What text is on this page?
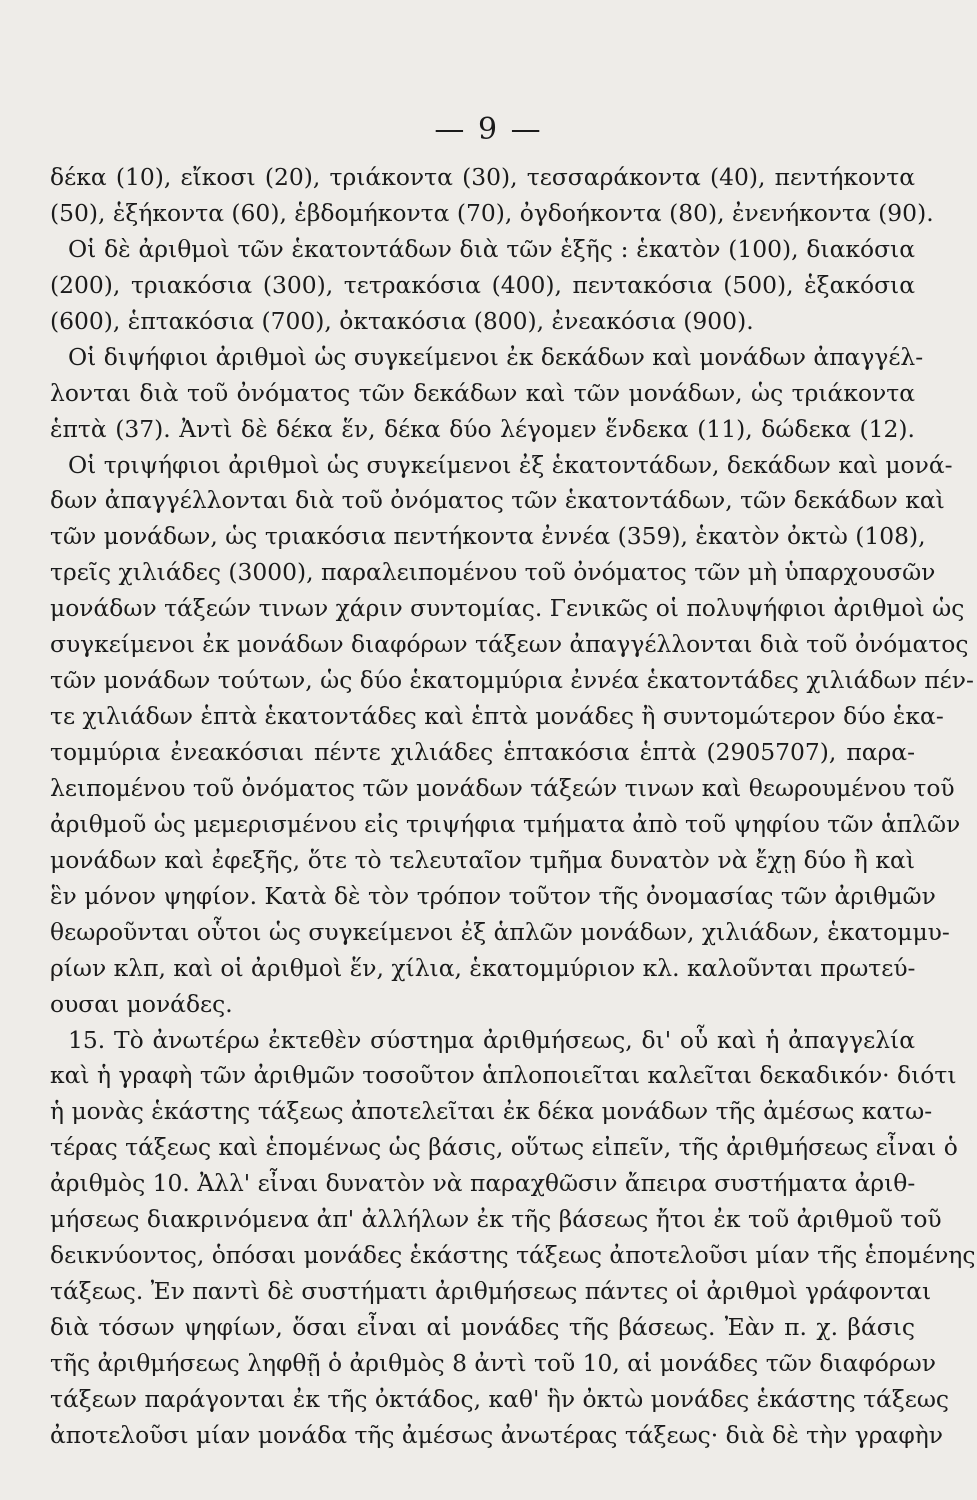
— 9 —
δέκα (10), εἴκοσι (20), τριάκοντα (30), τεσσαράκοντα (40), πεντήκοντα
(50), ἑξήκοντα (60), ἑβδομήκοντα (70), ὀγδοήκοντα (80), ἐνενήκοντα (90).
Οἱ δὲ ἀριθμοὶ τῶν ἑκατοντάδων διὰ τῶν ἑξῆς : ἑκατὸν (100), διακόσια
(200), τριακόσια (300), τετρακόσια (400), πεντακόσια (500), ἑξακόσια
(600), ἑπτακόσια (700), ὀκτακόσια (800), ἐνεακόσια (900).
Οἱ διψήφιοι ἀριθμοὶ ὡς συγκείμενοι ἐκ δεκάδων καὶ μονάδων ἀπαγγέλ-
λονται διὰ τοῦ ὀνόματος τῶν δεκάδων καὶ τῶν μονάδων, ὡς τριάκοντα
ἑπτὰ (37). Ἀντὶ δὲ δέκα ἕν, δέκα δύο λέγομεν ἕνδεκα (11), δώδεκα (12).
Οἱ τριψήφιοι ἀριθμοὶ ὡς συγκείμενοι ἐξ ἑκατοντάδων, δεκάδων καὶ μονά-
δων ἀπαγγέλλονται διὰ τοῦ ὀνόματος τῶν ἑκατοντάδων, τῶν δεκάδων καὶ
τῶν μονάδων, ὡς τριακόσια πεντήκοντα ἐννέα (359), ἑκατὸν ὀκτὼ (108),
τρεῖς χιλιάδες (3000), παραλειπομένου τοῦ ὀνόματος τῶν μὴ ὑπαρχουσῶν
μονάδων τάξεών τινων χάριν συντομίας. Γενικῶς οἱ πολυψήφιοι ἀριθμοὶ ὡς
συγκείμενοι ἐκ μονάδων διαφόρων τάξεων ἀπαγγέλλονται διὰ τοῦ ὀνόματος
τῶν μονάδων τούτων, ὡς δύο ἑκατομμύρια ἐννέα ἑκατοντάδες χιλιάδων πέν-
τε χιλιάδων ἑπτὰ ἑκατοντάδες καὶ ἑπτὰ μονάδες ἢ συντομώτερον δύο ἑκα-
τομμύρια ἐνεακόσιαι πέντε χιλιάδες ἑπτακόσια ἑπτὰ (2905707), παρα-
λειπομένου τοῦ ὀνόματος τῶν μονάδων τάξεών τινων καὶ θεωρουμένου τοῦ
ἀριθμοῦ ὡς μεμερισμένου εἰς τριψήφια τμήματα ἀπὸ τοῦ ψηφίου τῶν ἁπλῶν
μονάδων καὶ ἐφεξῆς, ὅτε τὸ τελευταῖον τμῆμα δυνατὸν νὰ ἔχῃ δύο ἢ καὶ
ἓν μόνον ψηφίον. Κατὰ δὲ τὸν τρόπον τοῦτον τῆς ὀνομασίας τῶν ἀριθμῶν
θεωροῦνται οὗτοι ὡς συγκείμενοι ἐξ ἁπλῶν μονάδων, χιλιάδων, ἑκατομμυ-
ρίων κλπ, καὶ οἱ ἀριθμοὶ ἕν, χίλια, ἑκατομμύριον κλ. καλοῦνται πρωτεύ-
ουσαι μονάδες.
15. Τὸ ἀνωτέρω ἐκτεθὲν σύστημα ἀριθμήσεως, δι' οὗ καὶ ἡ ἀπαγγελία
καὶ ἡ γραφὴ τῶν ἀριθμῶν τοσοῦτον ἁπλοποιεῖται καλεῖται δεκαδικόν· διότι
ἡ μονὰς ἑκάστης τάξεως ἀποτελεῖται ἐκ δέκα μονάδων τῆς ἀμέσως κατω-
τέρας τάξεως καὶ ἑπομένως ὡς βάσις, οὕτως εἰπεῖν, τῆς ἀριθμήσεως εἶναι ὁ
ἀριθμὸς 10. Ἀλλ' εἶναι δυνατὸν νὰ παραχθῶσιν ἄπειρα συστήματα ἀριθ-
μήσεως διακρινόμενα ἀπ' ἀλλήλων ἐκ τῆς βάσεως ἤτοι ἐκ τοῦ ἀριθμοῦ τοῦ
δεικνύοντος, ὁπόσαι μονάδες ἑκάστης τάξεως ἀποτελοῦσι μίαν τῆς ἑπομένης
τάξεως. Ἐν παντὶ δὲ συστήματι ἀριθμήσεως πάντες οἱ ἀριθμοὶ γράφονται
διὰ τόσων ψηφίων, ὅσαι εἶναι αἱ μονάδες τῆς βάσεως. Ἐὰν π. χ. βάσις
τῆς ἀριθμήσεως ληφθῇ ὁ ἀριθμὸς 8 ἀντὶ τοῦ 10, αἱ μονάδες τῶν διαφόρων
τάξεων παράγονται ἐκ τῆς ὀκτάδος, καθ' ἣν ὀκτὼ μονάδες ἑκάστης τάξεως
ἀποτελοῦσι μίαν μονάδα τῆς ἀμέσως ἀνωτέρας τάξεως· διὰ δὲ τὴν γραφὴν
